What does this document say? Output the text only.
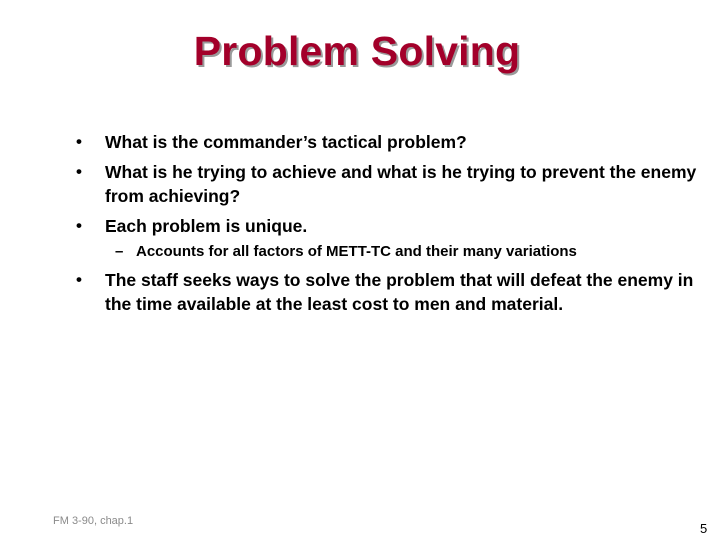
Problem Solving
•	What is the commander’s tactical problem?
•	What is he trying to achieve and what is he trying to prevent the enemy from achieving?
•	Each problem is unique.
– Accounts for all factors of METT-TC and their many variations
•	The staff seeks ways to solve the problem that will defeat the enemy in the time available at the least cost to men and material.
FM 3-90, chap.1	5
